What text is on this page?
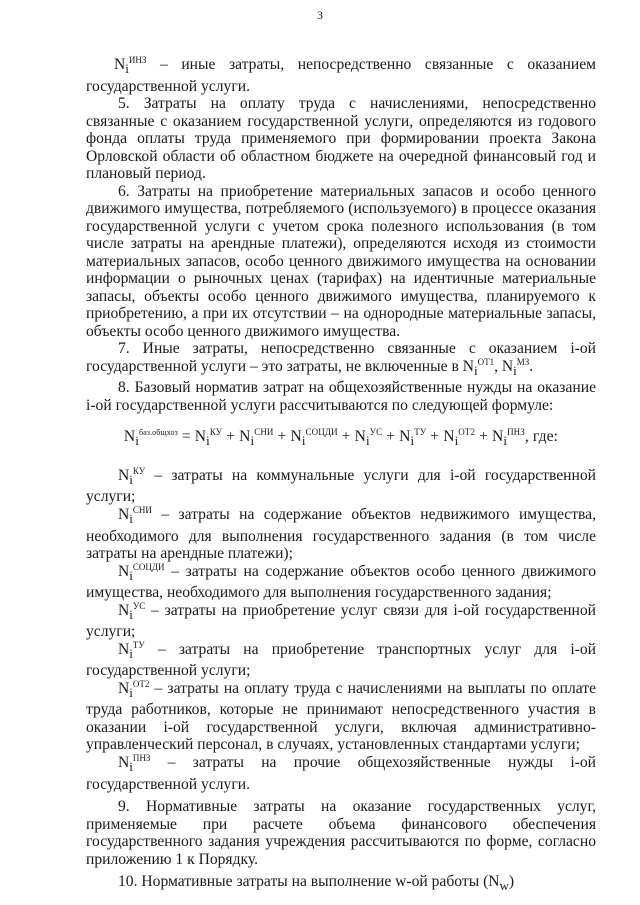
3

$N_i^{ИНЗ}$ – иные затраты, непосредственно связанные с оказанием государственной услуги.

5. Затраты на оплату труда с начислениями, непосредственно связанные с оказанием государственной услуги, определяются из годового фонда оплаты труда применяемого при формировании проекта Закона Орловской области об областном бюджете на очередной финансовый год и плановый период.

6. Затраты на приобретение материальных запасов и особо ценного движимого имущества, потребляемого (используемого) в процессе оказания государственной услуги с учетом срока полезного использования (в том числе затраты на арендные платежи), определяются исходя из стоимости материальных запасов, особо ценного движимого имущества на основании информации о рыночных ценах (тарифах) на идентичные материальные запасы, объекты особо ценного движимого имущества, планируемого к приобретению, а при их отсутствии – на однородные материальные запасы, объекты особо ценного движимого имущества.

7. Иные затраты, непосредственно связанные с оказанием i-ой государственной услуги – это затраты, не включенные в $N_i^{ОТ1}$, $N_i^{МЗ}$.

8. Базовый норматив затрат на общехозяйственные нужды на оказание i-ой государственной услуги рассчитываются по следующей формуле:

$N_i^{баз.общхоз} = N_i^{КУ} + N_i^{СНИ} + N_i^{СОЦДИ} + N_i^{УС} + N_i^{ТУ} + N_i^{ОТ2} + N_i^{ПНЗ}$, где:

$N_i^{КУ}$ – затраты на коммунальные услуги для i-ой государственной услуги;

$N_i^{СНИ}$ – затраты на содержание объектов недвижимого имущества, необходимого для выполнения государственного задания (в том числе затраты на арендные платежи);

$N_i^{СОЦДИ}$ – затраты на содержание объектов особо ценного движимого имущества, необходимого для выполнения государственного задания;

$N_i^{УС}$ – затраты на приобретение услуг связи для i-ой государственной услуги;

$N_i^{ТУ}$ – затраты на приобретение транспортных услуг для i-ой государственной услуги;

$N_i^{ОТ2}$ – затраты на оплату труда с начислениями на выплаты по оплате труда работников, которые не принимают непосредственного участия в оказании i-ой государственной услуги, включая административно-управленческий персонал, в случаях, установленных стандартами услуги;

$N_i^{ПНЗ}$ – затраты на прочие общехозяйственные нужды i-ой государственной услуги.

9. Нормативные затраты на оказание государственных услуг, применяемые при расчете объема финансового обеспечения государственного задания учреждения рассчитываются по форме, согласно приложению 1 к Порядку.

10. Нормативные затраты на выполнение w-ой работы $(N_w)$
